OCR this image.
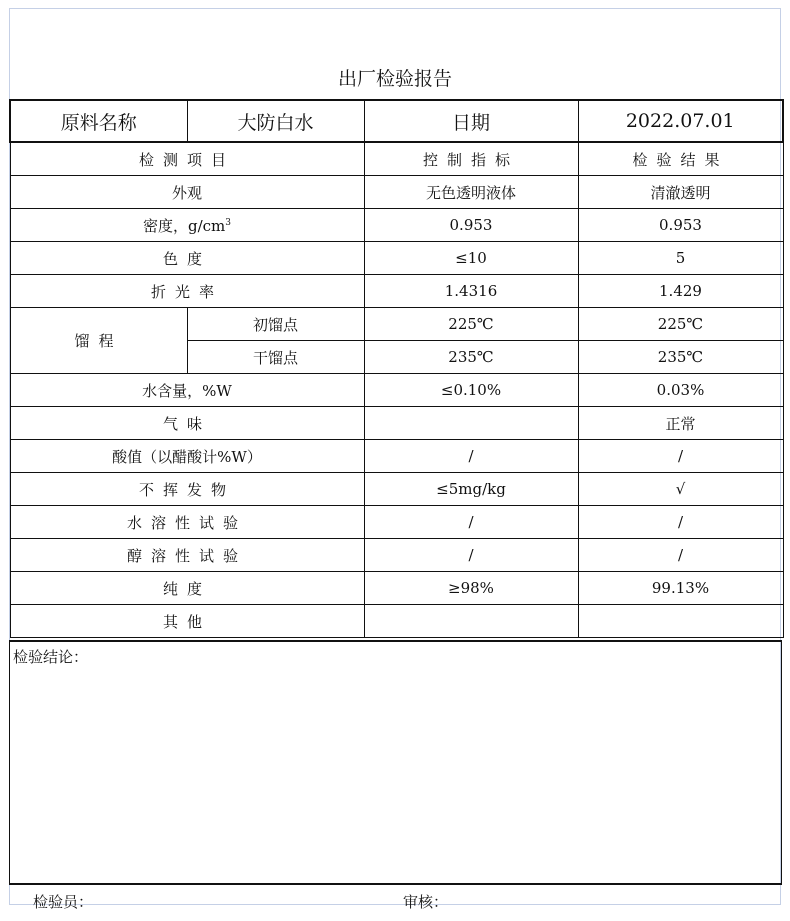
出厂检验报告
原料名称	大防白水	日期	2022.07.01
检测项目		控制指标	检验结果
外观		无色透明液体	清澈透明
密度，$g/cm^3$		0.953	0.953
色度		≤10	5
折光率		1.4316	1.429
馏程	初馏点	225℃	225℃
	干馏点	235℃	235℃
水含量，%W		≤0.10%	0.03%
气味			正常
酸值（以醋酸计%W）		/	/
不挥发物		≤5mg/kg	√
水溶性试验		/	/
醇溶性试验		/	/
纯度		≥98%	99.13%
其他			
检验结论：
检验员：	审核：
